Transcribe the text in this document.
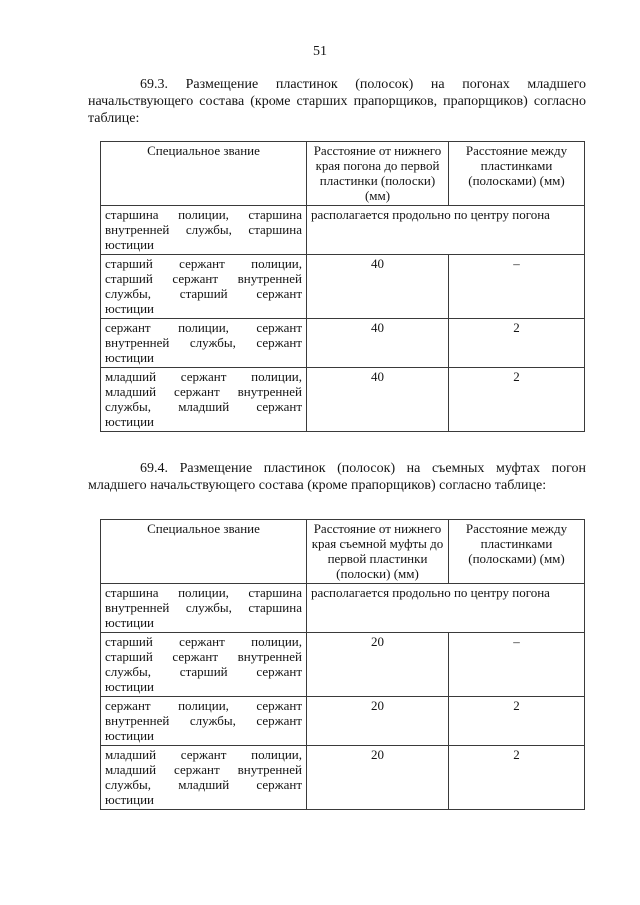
51

69.3. Размещение пластинок (полосок) на погонах младшего начальствующего состава (кроме старших прапорщиков, прапорщиков) согласно таблице:

Специальное звание	Расстояние от нижнего края погона до первой пластинки (полоски) (мм)	Расстояние между пластинками (полосками) (мм)
старшина полиции, старшина внутренней службы, старшина юстиции	располагается продольно по центру погона	
старший сержант полиции, старший сержант внутренней службы, старший сержант юстиции	40	–
сержант полиции, сержант внутренней службы, сержант юстиции	40	2
младший сержант полиции, младший сержант внутренней службы, младший сержант юстиции	40	2

69.4. Размещение пластинок (полосок) на съемных муфтах погон младшего начальствующего состава (кроме прапорщиков) согласно таблице:

Специальное звание	Расстояние от нижнего края съемной муфты до первой пластинки (полоски) (мм)	Расстояние между пластинками (полосками) (мм)
старшина полиции, старшина внутренней службы, старшина юстиции	располагается продольно по центру погона	
старший сержант полиции, старший сержант внутренней службы, старший сержант юстиции	20	–
сержант полиции, сержант внутренней службы, сержант юстиции	20	2
младший сержант полиции, младший сержант внутренней службы, младший сержант юстиции	20	2
